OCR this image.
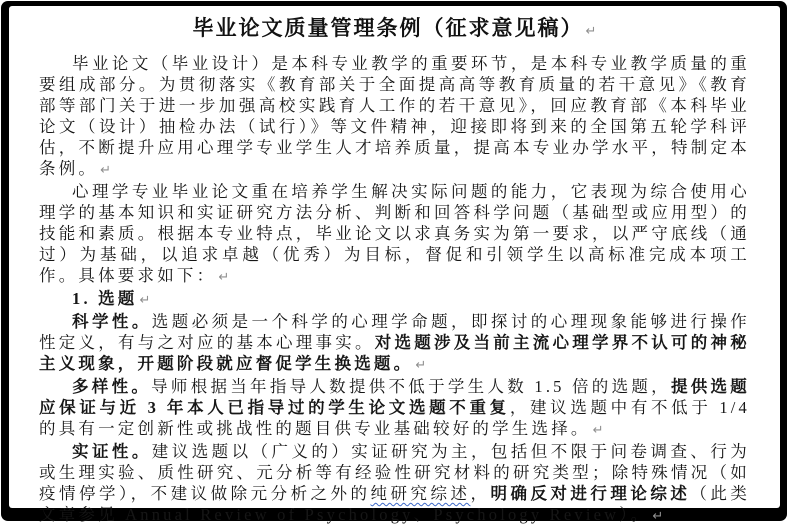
毕业论文质量管理条例（征求意见稿） ↵

毕业论文（毕业设计）是本科专业教学的重要环节，是本科专业教学质量的重要组成部分。为贯彻落实《教育部关于全面提高高等教育质量的若干意见》《教育部等部门关于进一步加强高校实践育人工作的若干意见》，回应教育部《本科毕业论文（设计）抽检办法（试行）》等文件精神，迎接即将到来的全国第五轮学科评估，不断提升应用心理学专业学生人才培养质量，提高本专业办学水平，特制定本条例。 ↵

心理学专业毕业论文重在培养学生解决实际问题的能力，它表现为综合使用心理学的基本知识和实证研究方法分析、判断和回答科学问题（基础型或应用型）的技能和素质。根据本专业特点，毕业论文以求真务实为第一要求，以严守底线（通过）为基础，以追求卓越（优秀）为目标，督促和引领学生以高标准完成本项工作。具体要求如下： ↵

1. 选题 ↵

科学性。选题必须是一个科学的心理学命题，即探讨的心理现象能够进行操作性定义，有与之对应的基本心理事实。对选题涉及当前主流心理学界不认可的神秘主义现象，开题阶段就应督促学生换选题。 ↵

多样性。导师根据当年指导人数提供不低于学生人数 1.5 倍的选题，提供选题应保证与近 3 年本人已指导过的学生论文选题不重复，建议选题中有不低于 1/4 的具有一定创新性或挑战性的题目供专业基础较好的学生选择。 ↵

实证性。建议选题以（广义的）实证研究为主，包括但不限于问卷调查、行为或生理实验、质性研究、元分析等有经验性研究材料的研究类型；除特殊情况（如疫情停学），不建议做除元分析之外的纯研究综述，明确反对进行理论综述（此类文章参见 Annual Review of Psychology、Psychology Review）。 ↵
